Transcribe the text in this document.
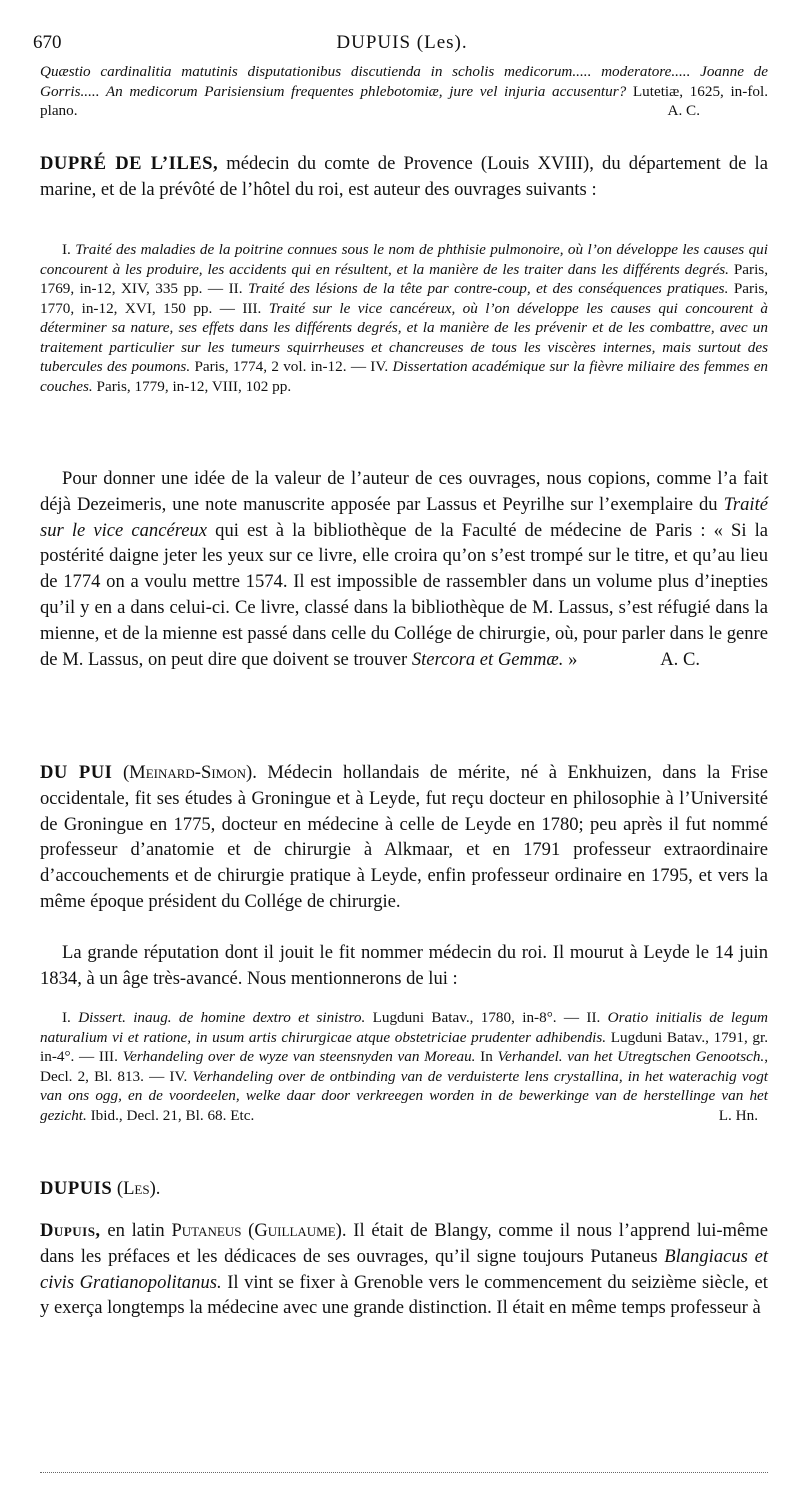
670	DUPUIS (Les).
Quæstio cardinalitia matutinis disputationibus discutienda in scholis medicorum..... moderatore..... Joanne de Gorris..... An medicorum Parisiensium frequentes phlebotomiæ, jure vel injuria accusentur? Lutetiæ, 1625, in-fol. plano.	A. C.
DUPRÉ DE L’ILES, médecin du comte de Provence (Louis XVIII), du département de la marine, et de la prévôté de l’hôtel du roi, est auteur des ouvrages suivants :
I. Traité des maladies de la poitrine connues sous le nom de phthisie pulmonoire, où l’on développe les causes qui concourent à les produire, les accidents qui en résultent, et la manière de les traiter dans les différents degrés. Paris, 1769, in-12, XIV, 335 pp. — II. Traité des lésions de la tête par contre-coup, et des conséquences pratiques. Paris, 1770, in-12, XVI, 150 pp. — III. Traité sur le vice cancéreux, où l’on développe les causes qui concourent à déterminer sa nature, ses effets dans les différents degrés, et la manière de les prévenir et de les combattre, avec un traitement particulier sur les tumeurs squirrheuses et chancreuses de tous les viscères internes, mais surtout des tubercules des poumons. Paris, 1774, 2 vol. in-12. — IV. Dissertation académique sur la fièvre miliaire des femmes en couches. Paris, 1779, in-12, VIII, 102 pp.
Pour donner une idée de la valeur de l’auteur de ces ouvrages, nous copions, comme l’a fait déjà Dezeimeris, une note manuscrite apposée par Lassus et Peyrilhe sur l’exemplaire du Traité sur le vice cancéreux qui est à la bibliothèque de la Faculté de médecine de Paris : « Si la postérité daigne jeter les yeux sur ce livre, elle croira qu’on s’est trompé sur le titre, et qu’au lieu de 1774 on a voulu mettre 1574. Il est impossible de rassembler dans un volume plus d’inepties qu’il y en a dans celui-ci. Ce livre, classé dans la bibliothèque de M. Lassus, s’est réfugié dans la mienne, et de la mienne est passé dans celle du Collége de chirurgie, où, pour parler dans le genre de M. Lassus, on peut dire que doivent se trouver Stercora et Gemmæ. »	A. C.
DU PUI (Meinard-Simon). Médecin hollandais de mérite, né à Enkhuizen, dans la Frise occidentale, fit ses études à Groningue et à Leyde, fut reçu docteur en philosophie à l’Université de Groningue en 1775, docteur en médecine à celle de Leyde en 1780; peu après il fut nommé professeur d’anatomie et de chirurgie à Alkmaar, et en 1791 professeur extraordinaire d’accouchements et de chirurgie pratique à Leyde, enfin professeur ordinaire en 1795, et vers la même époque président du Collége de chirurgie.
La grande réputation dont il jouit le fit nommer médecin du roi. Il mourut à Leyde le 14 juin 1834, à un âge très-avancé. Nous mentionnerons de lui :
I. Dissert. inaug. de homine dextro et sinistro. Lugduni Batav., 1780, in-8°. — II. Oratio initialis de legum naturalium vi et ratione, in usum artis chirurgicae atque obstetriciae prudenter adhibendis. Lugduni Batav., 1791, gr. in-4°. — III. Verhandeling over de wyze van steensnyden van Moreau. In Verhandel. van het Utregtschen Genootsch., Decl. 2, Bl. 813. — IV. Verhandeling over de ontbinding van de verduisterte lens crystallina, in het waterachig vogt van ons ogg, en de voordeelen, welke daar door verkreegen worden in de bewerkinge van de herstellinge van het gezicht. Ibid., Decl. 21, Bl. 68. Etc.	L. Hn.
DUPUIS (Les).
Dupuis, en latin Putaneus (Guillaume). Il était de Blangy, comme il nous l’apprend lui-même dans les préfaces et les dédicaces de ses ouvrages, qu’il signe toujours Putaneus Blangiacus et civis Gratianopolitanus. Il vint se fixer à Grenoble vers le commencement du seizième siècle, et y exerça longtemps la médecine avec une grande distinction. Il était en même temps professeur à
